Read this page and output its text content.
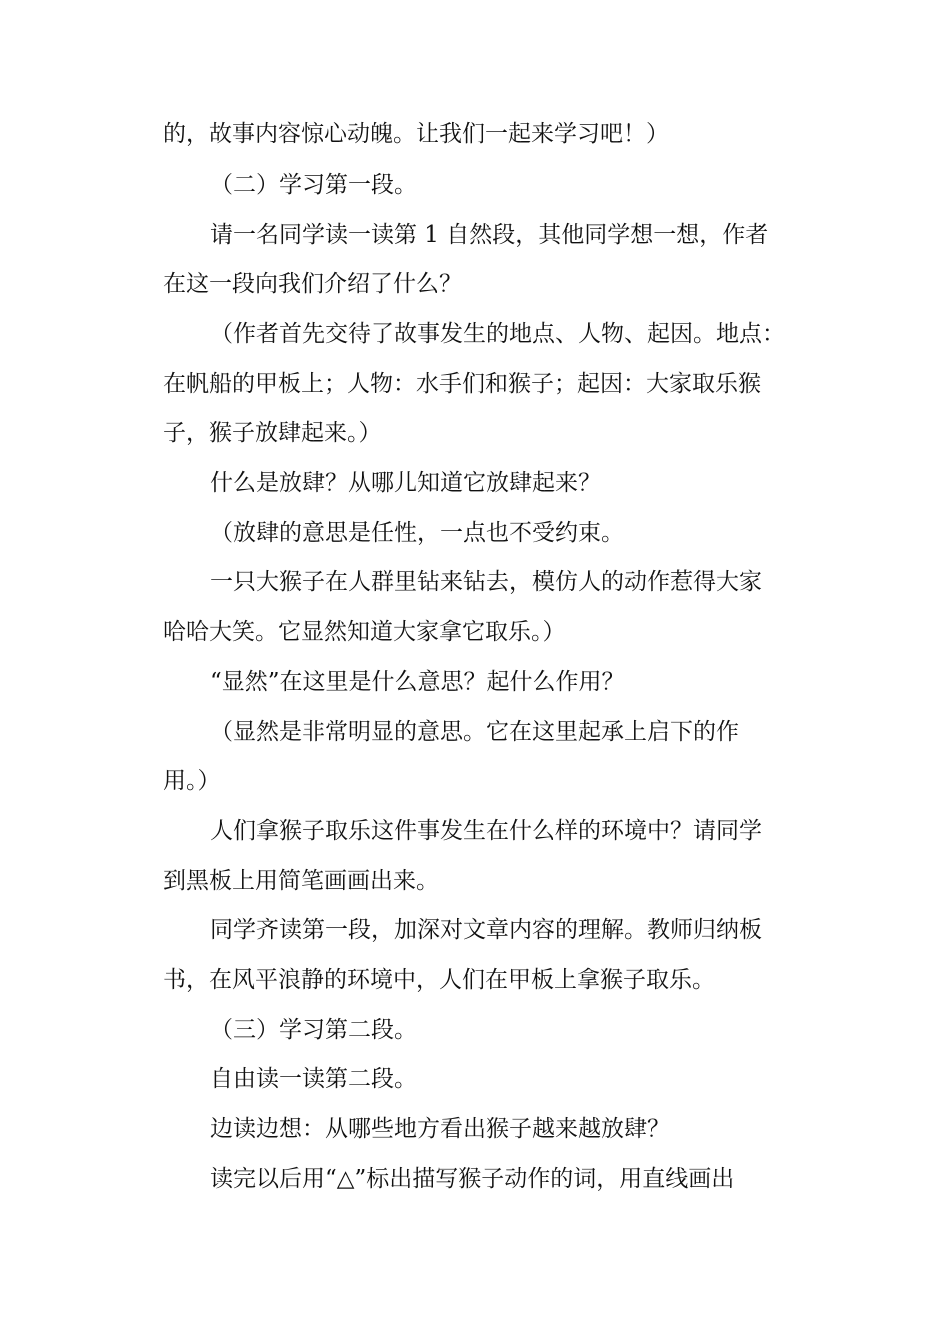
的，故事内容惊心动魄。让我们一起来学习吧！）

（二）学习第一段。

请一名同学读一读第 1 自然段，其他同学想一想，作者

在这一段向我们介绍了什么？

（作者首先交待了故事发生的地点、人物、起因。地点：

在帆船的甲板上；人物：水手们和猴子；起因：大家取乐猴

子，猴子放肆起来。）

什么是放肆？从哪儿知道它放肆起来？

（放肆的意思是任性，一点也不受约束。

一只大猴子在人群里钻来钻去，模仿人的动作惹得大家

哈哈大笑。它显然知道大家拿它取乐。）

“显然”在这里是什么意思？起什么作用？

（显然是非常明显的意思。它在这里起承上启下的作

用。）

人们拿猴子取乐这件事发生在什么样的环境中？请同学

到黑板上用简笔画画出来。

同学齐读第一段，加深对文章内容的理解。教师归纳板

书，在风平浪静的环境中，人们在甲板上拿猴子取乐。

（三）学习第二段。

自由读一读第二段。

边读边想：从哪些地方看出猴子越来越放肆？

读完以后用“△”标出描写猴子动作的词，用直线画出
